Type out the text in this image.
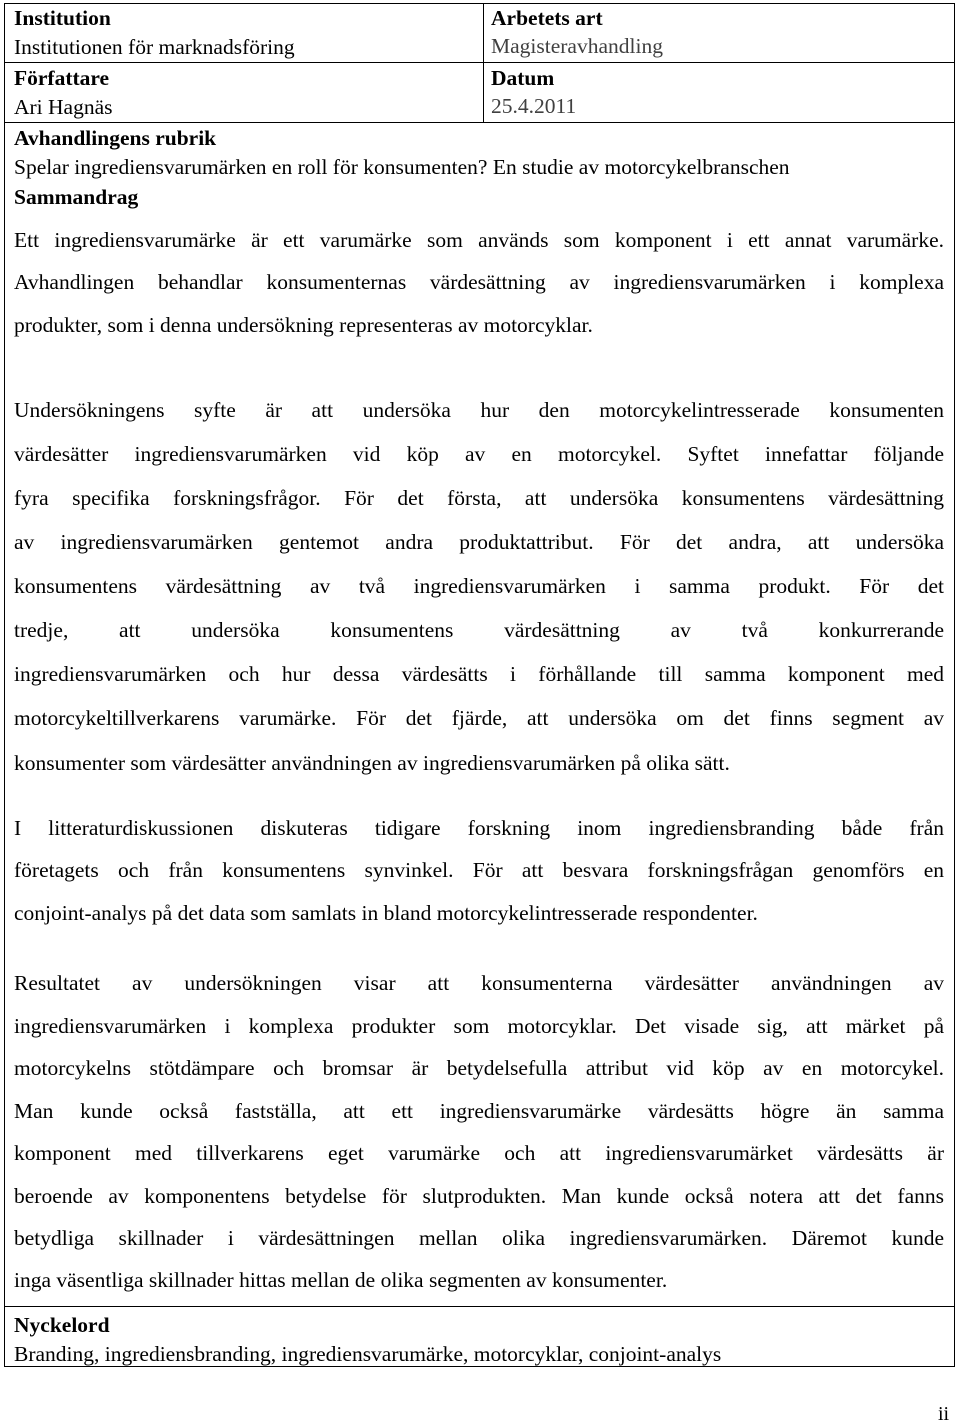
Institution
Institutionen för marknadsföring
Arbetets art
Magisteravhandling
Författare
Ari Hagnäs
Datum
25.4.2011
Avhandlingens rubrik
Spelar ingrediensvarumärken en roll för konsumenten? En studie av motorcykelbranschen
Sammandrag
Ett ingrediensvarumärke är ett varumärke som används som komponent i ett annat varumärke.
Avhandlingen behandlar konsumenternas värdesättning av ingrediensvarumärken i komplexa
produkter, som i denna undersökning representeras av motorcyklar.
Undersökningens syfte är att undersöka hur den motorcykelintresserade konsumenten
värdesätter ingrediensvarumärken vid köp av en motorcykel. Syftet innefattar följande
fyra specifika forskningsfrågor. För det första, att undersöka konsumentens värdesättning
av ingrediensvarumärken gentemot andra produktattribut. För det andra, att undersöka
konsumentens värdesättning av två ingrediensvarumärken i samma produkt. För det
tredje, att undersöka konsumentens värdesättning av två konkurrerande
ingrediensvarumärken och hur dessa värdesätts i förhållande till samma komponent med
motorcykeltillverkarens varumärke. För det fjärde, att undersöka om det finns segment av
konsumenter som värdesätter användningen av ingrediensvarumärken på olika sätt.
I litteraturdiskussionen diskuteras tidigare forskning inom ingrediensbranding både från
företagets och från konsumentens synvinkel. För att besvara forskningsfrågan genomförs en
conjoint-analys på det data som samlats in bland motorcykelintresserade respondenter.
Resultatet av undersökningen visar att konsumenterna värdesätter användningen av
ingrediensvarumärken i komplexa produkter som motorcyklar. Det visade sig, att märket på
motorcykelns stötdämpare och bromsar är betydelsefulla attribut vid köp av en motorcykel.
Man kunde också fastställa, att ett ingrediensvarumärke värdesätts högre än samma
komponent med tillverkarens eget varumärke och att ingrediensvarumärket värdesätts är
beroende av komponentens betydelse för slutprodukten. Man kunde också notera att det fanns
betydliga skillnader i värdesättningen mellan olika ingrediensvarumärken. Däremot kunde
inga väsentliga skillnader hittas mellan de olika segmenten av konsumenter.
Nyckelord
Branding, ingrediensbranding, ingrediensvarumärke, motorcyklar, conjoint-analys
ii
